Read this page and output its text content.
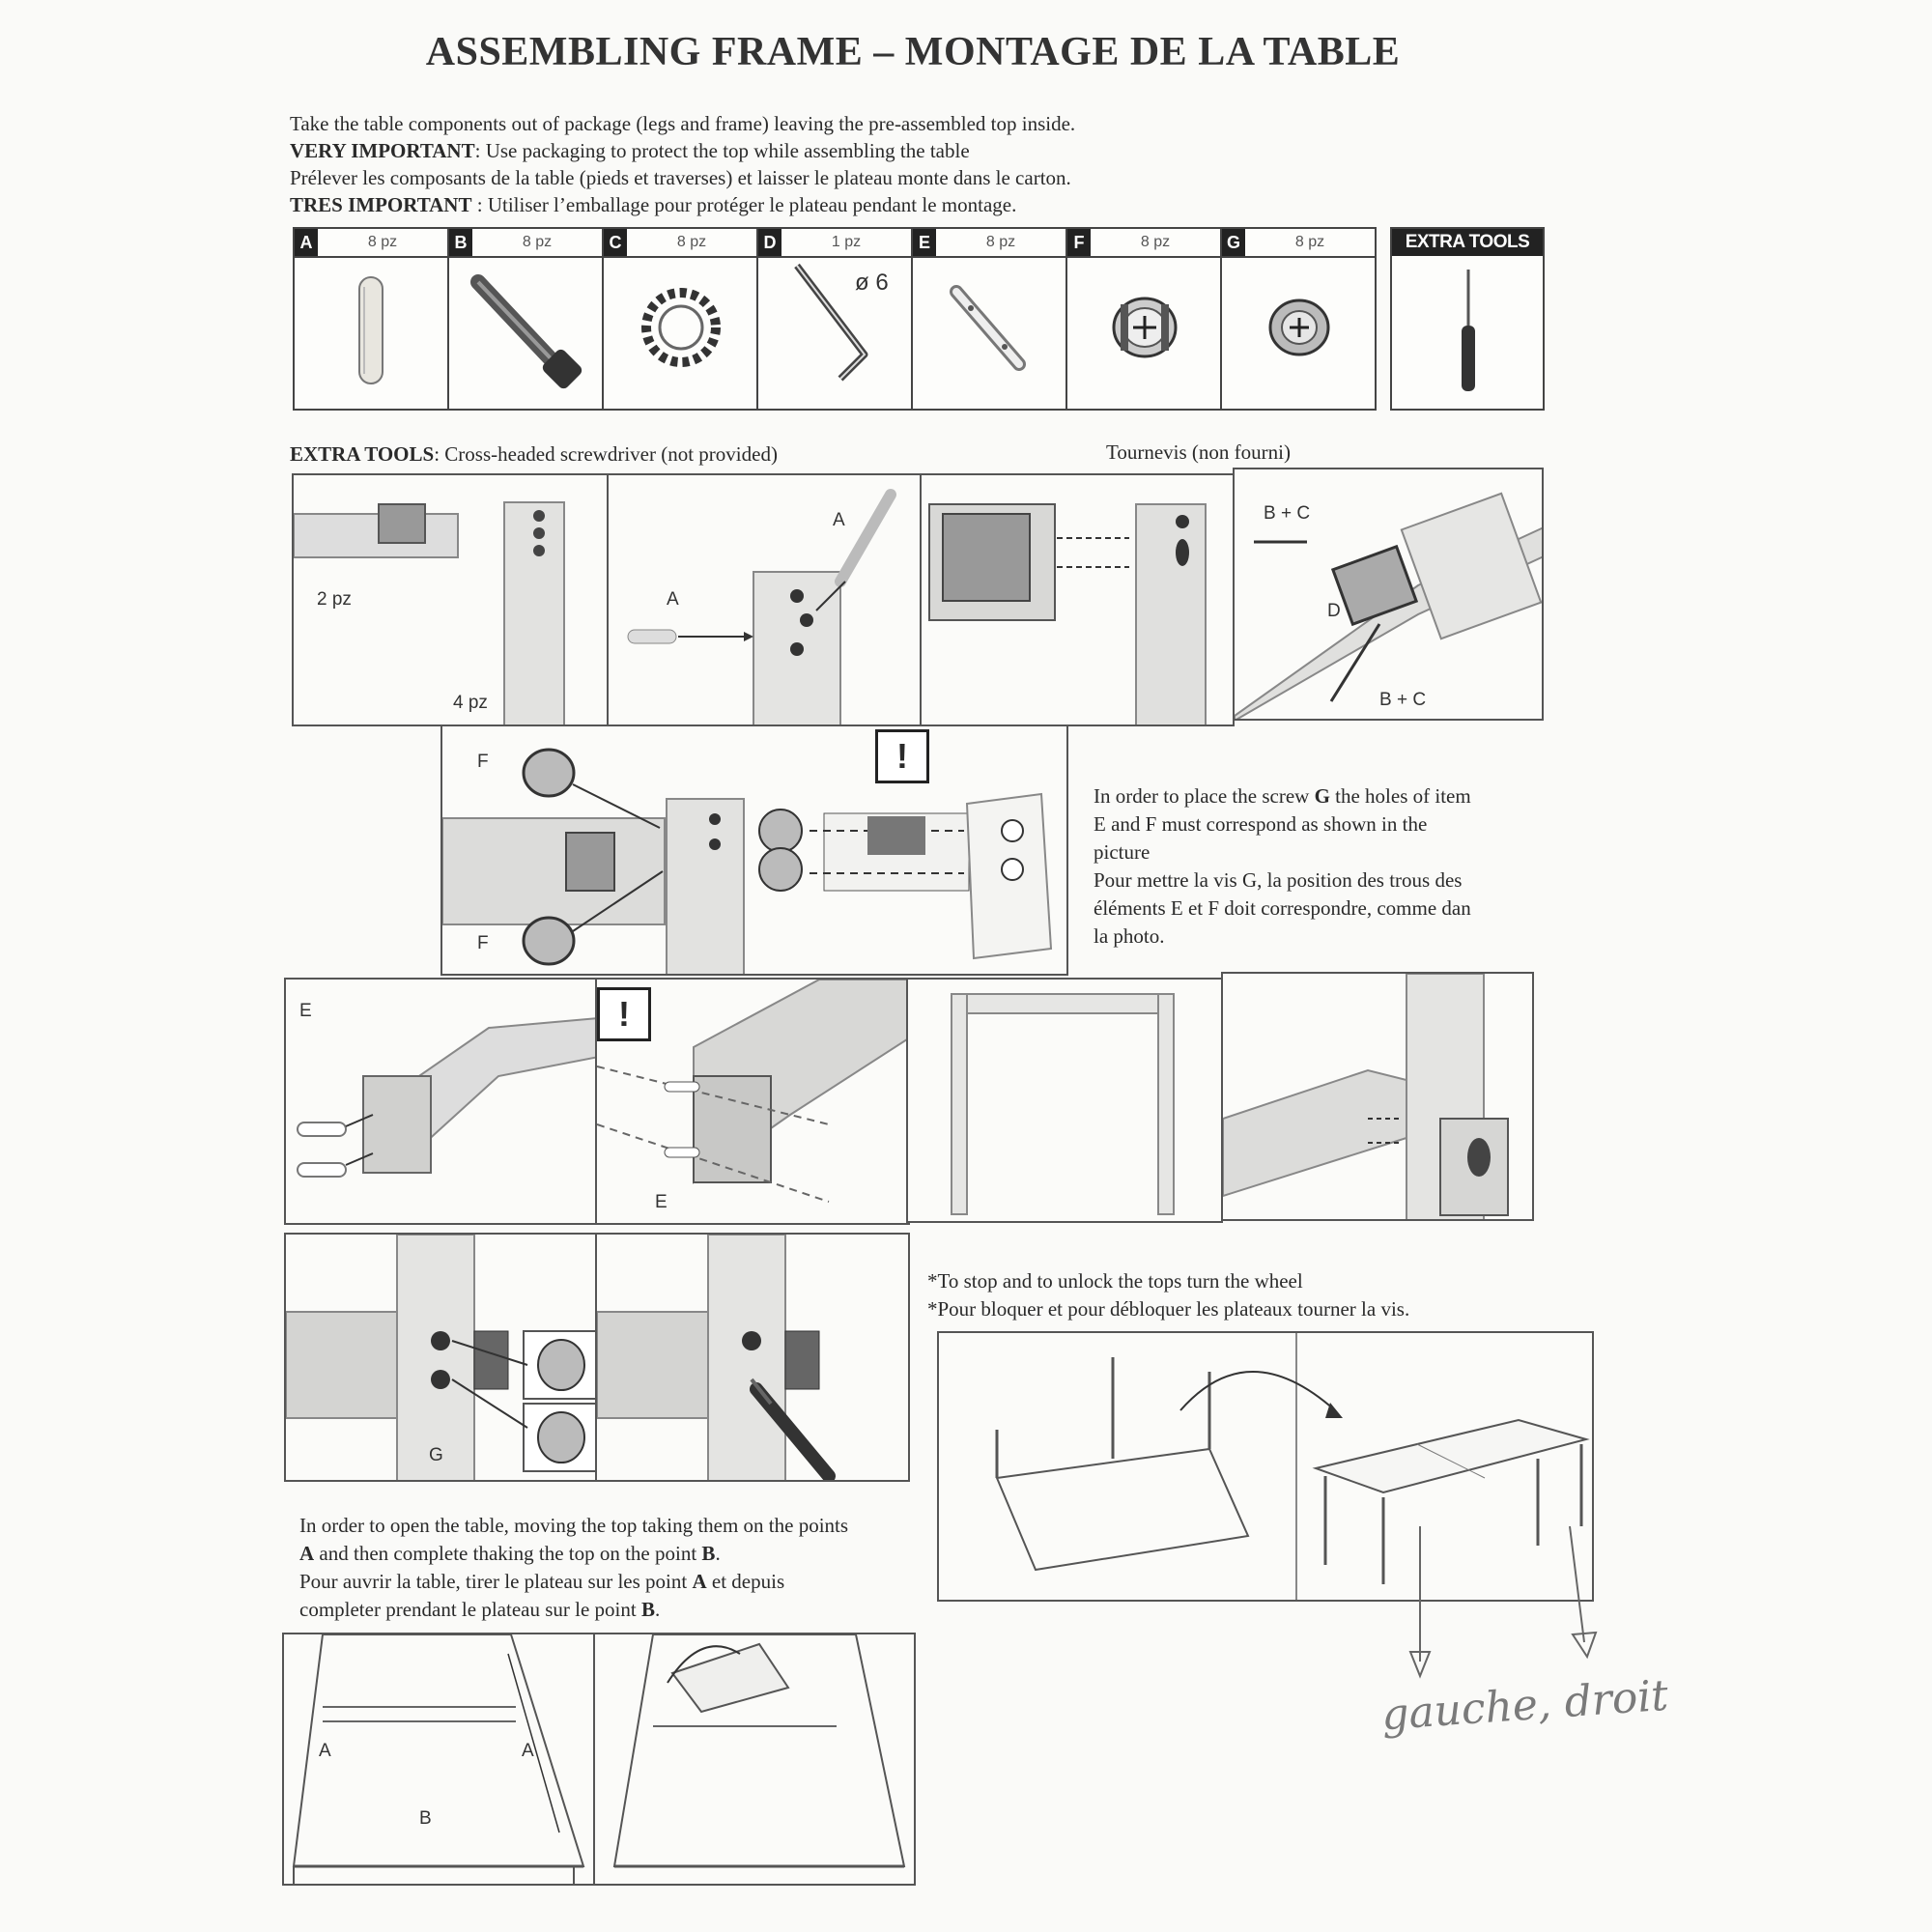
ASSEMBLING FRAME – MONTAGE DE LA TABLE
Take the table components out of package (legs and frame) leaving the pre-assembled top inside.
VERY IMPORTANT: Use packaging to protect the top while assembling the table
Prélever les composants de la table (pieds et traverses) et laisser le plateau monte dans le carton.
TRES IMPORTANT : Utiliser l’emballage pour protéger le plateau pendant le montage.
A	8 pz	B	8 pz	C	8 pz	D	1 pz
ø 6
E	8 pz	F	8 pz	G	8 pz	EXTRA TOOLS
EXTRA TOOLS: Cross-headed screwdriver (not provided)	Tournevis (non fourni)
2 pz
4 pz
A
A
B + C
D
B + C
F
F
!
In order to place the screw G the holes of item
E and F must correspond as shown in the
picture
Pour mettre la vis G, la position des trous des
éléments E et F doit correspondre, comme dan
la photo.
E	!
E
G
*To stop and to unlock the tops turn the wheel
*Pour bloquer et pour débloquer les plateaux tourner la vis.
In order to open the table, moving the top taking them on the points
A and then complete thaking the top on the point B.
Pour auvrir la table, tirer le plateau sur les point A et depuis
completer prendant le plateau sur le point B.
A	A
B
gauche, droit
